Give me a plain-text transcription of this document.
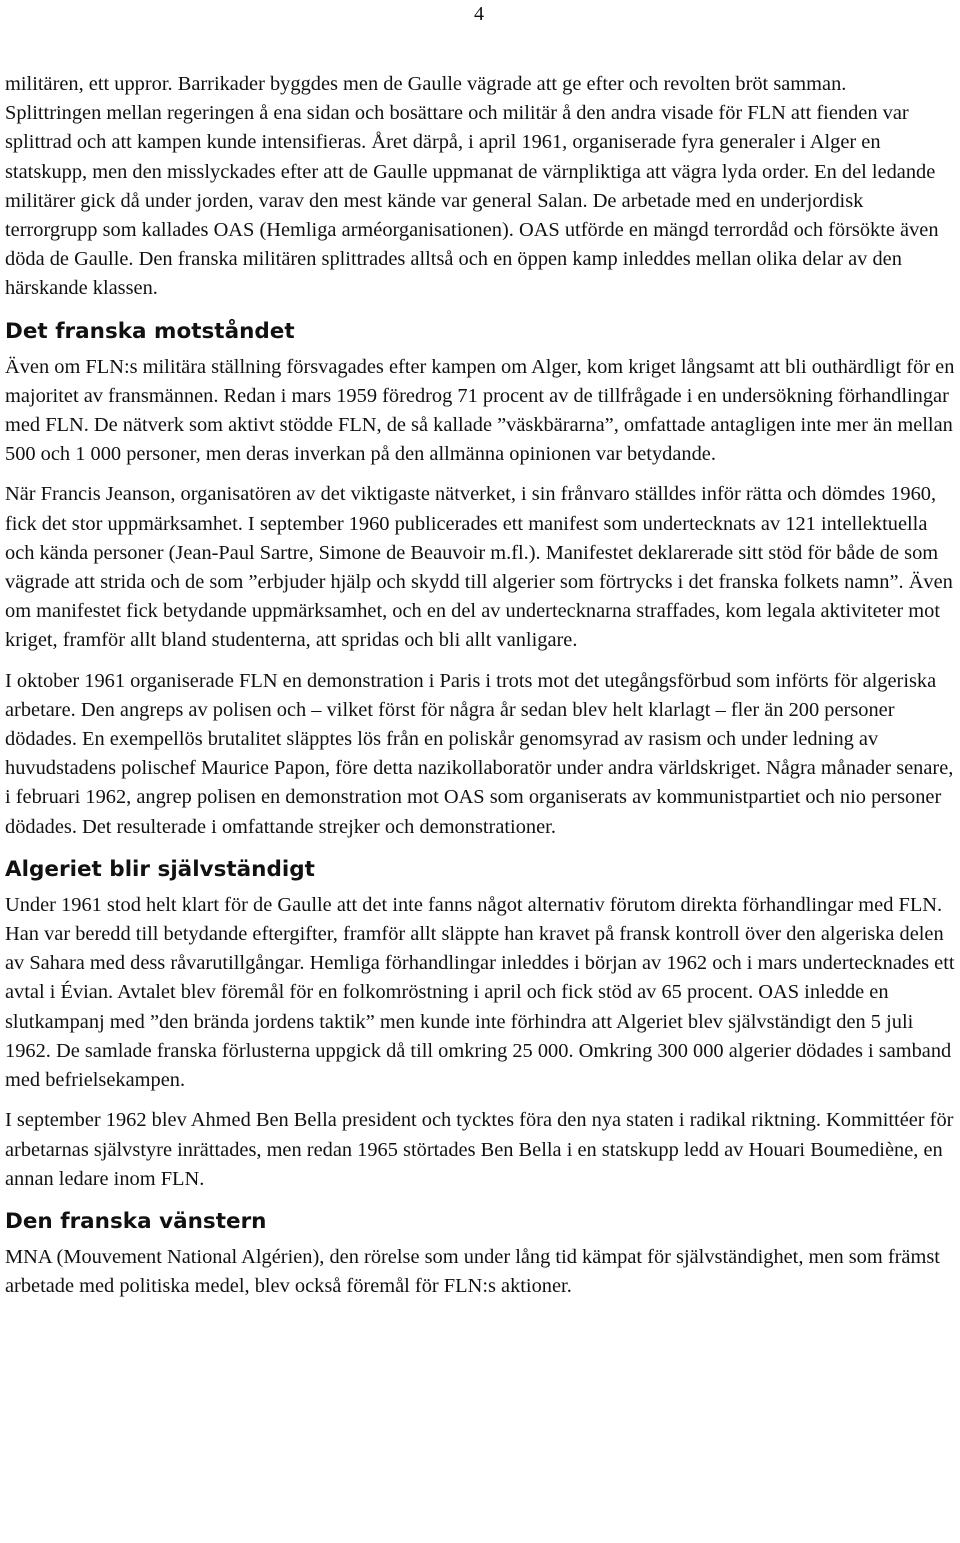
4

militären, ett uppror. Barrikader byggdes men de Gaulle vägrade att ge efter och revolten bröt samman.

Splittringen mellan regeringen å ena sidan och bosättare och militär å den andra visade för FLN att fienden var splittrad och att kampen kunde intensifieras. Året därpå, i april 1961, organiserade fyra generaler i Alger en statskupp, men den misslyckades efter att de Gaulle uppmanat de värnpliktiga att vägra lyda order. En del ledande militärer gick då under jorden, varav den mest kände var general Salan. De arbetade med en underjordisk terrorgrupp som kallades OAS (Hemliga arméorganisationen). OAS utförde en mängd terrordåd och försökte även döda de Gaulle. Den franska militären splittrades alltså och en öppen kamp inleddes mellan olika delar av den härskande klassen.

Det franska motståndet

Även om FLN:s militära ställning försvagades efter kampen om Alger, kom kriget långsamt att bli outhärdligt för en majoritet av fransmännen. Redan i mars 1959 föredrog 71 procent av de tillfrågade i en undersökning förhandlingar med FLN. De nätverk som aktivt stödde FLN, de så kallade ”väskbärarna”, omfattade antagligen inte mer än mellan 500 och 1 000 personer, men deras inverkan på den allmänna opinionen var betydande.

När Francis Jeanson, organisatören av det viktigaste nätverket, i sin frånvaro ställdes inför rätta och dömdes 1960, fick det stor uppmärksamhet. I september 1960 publicerades ett manifest som undertecknats av 121 intellektuella och kända personer (Jean-Paul Sartre, Simone de Beauvoir m.fl.). Manifestet deklarerade sitt stöd för både de som vägrade att strida och de som ”erbjuder hjälp och skydd till algerier som förtrycks i det franska folkets namn”. Även om manifestet fick betydande uppmärksamhet, och en del av undertecknarna straffades, kom legala aktiviteter mot kriget, framför allt bland studenterna, att spridas och bli allt vanligare.

I oktober 1961 organiserade FLN en demonstration i Paris i trots mot det utegångsförbud som införts för algeriska arbetare. Den angreps av polisen och – vilket först för några år sedan blev helt klarlagt – fler än 200 personer dödades. En exempellös brutalitet släpptes lös från en poliskår genomsyrad av rasism och under ledning av huvudstadens polischef Maurice Papon, före detta nazikollaboratör under andra världskriget. Några månader senare, i februari 1962, angrep polisen en demonstration mot OAS som organiserats av kommunistpartiet och nio personer dödades. Det resulterade i omfattande strejker och demonstrationer.

Algeriet blir självständigt

Under 1961 stod helt klart för de Gaulle att det inte fanns något alternativ förutom direkta förhandlingar med FLN. Han var beredd till betydande eftergifter, framför allt släppte han kravet på fransk kontroll över den algeriska delen av Sahara med dess råvarutillgångar. Hemliga förhandlingar inleddes i början av 1962 och i mars undertecknades ett avtal i Évian. Avtalet blev föremål för en folkomröstning i april och fick stöd av 65 procent. OAS inledde en slutkampanj med ”den brända jordens taktik” men kunde inte förhindra att Algeriet blev självständigt den 5 juli 1962. De samlade franska förlusterna uppgick då till omkring 25 000. Omkring 300 000 algerier dödades i samband med befrielsekampen.

I september 1962 blev Ahmed Ben Bella president och tycktes föra den nya staten i radikal riktning. Kommittéer för arbetarnas självstyre inrättades, men redan 1965 störtades Ben Bella i en statskupp ledd av Houari Boumediène, en annan ledare inom FLN.

Den franska vänstern

MNA (Mouvement National Algérien), den rörelse som under lång tid kämpat för självständighet, men som främst arbetade med politiska medel, blev också föremål för FLN:s aktioner.
